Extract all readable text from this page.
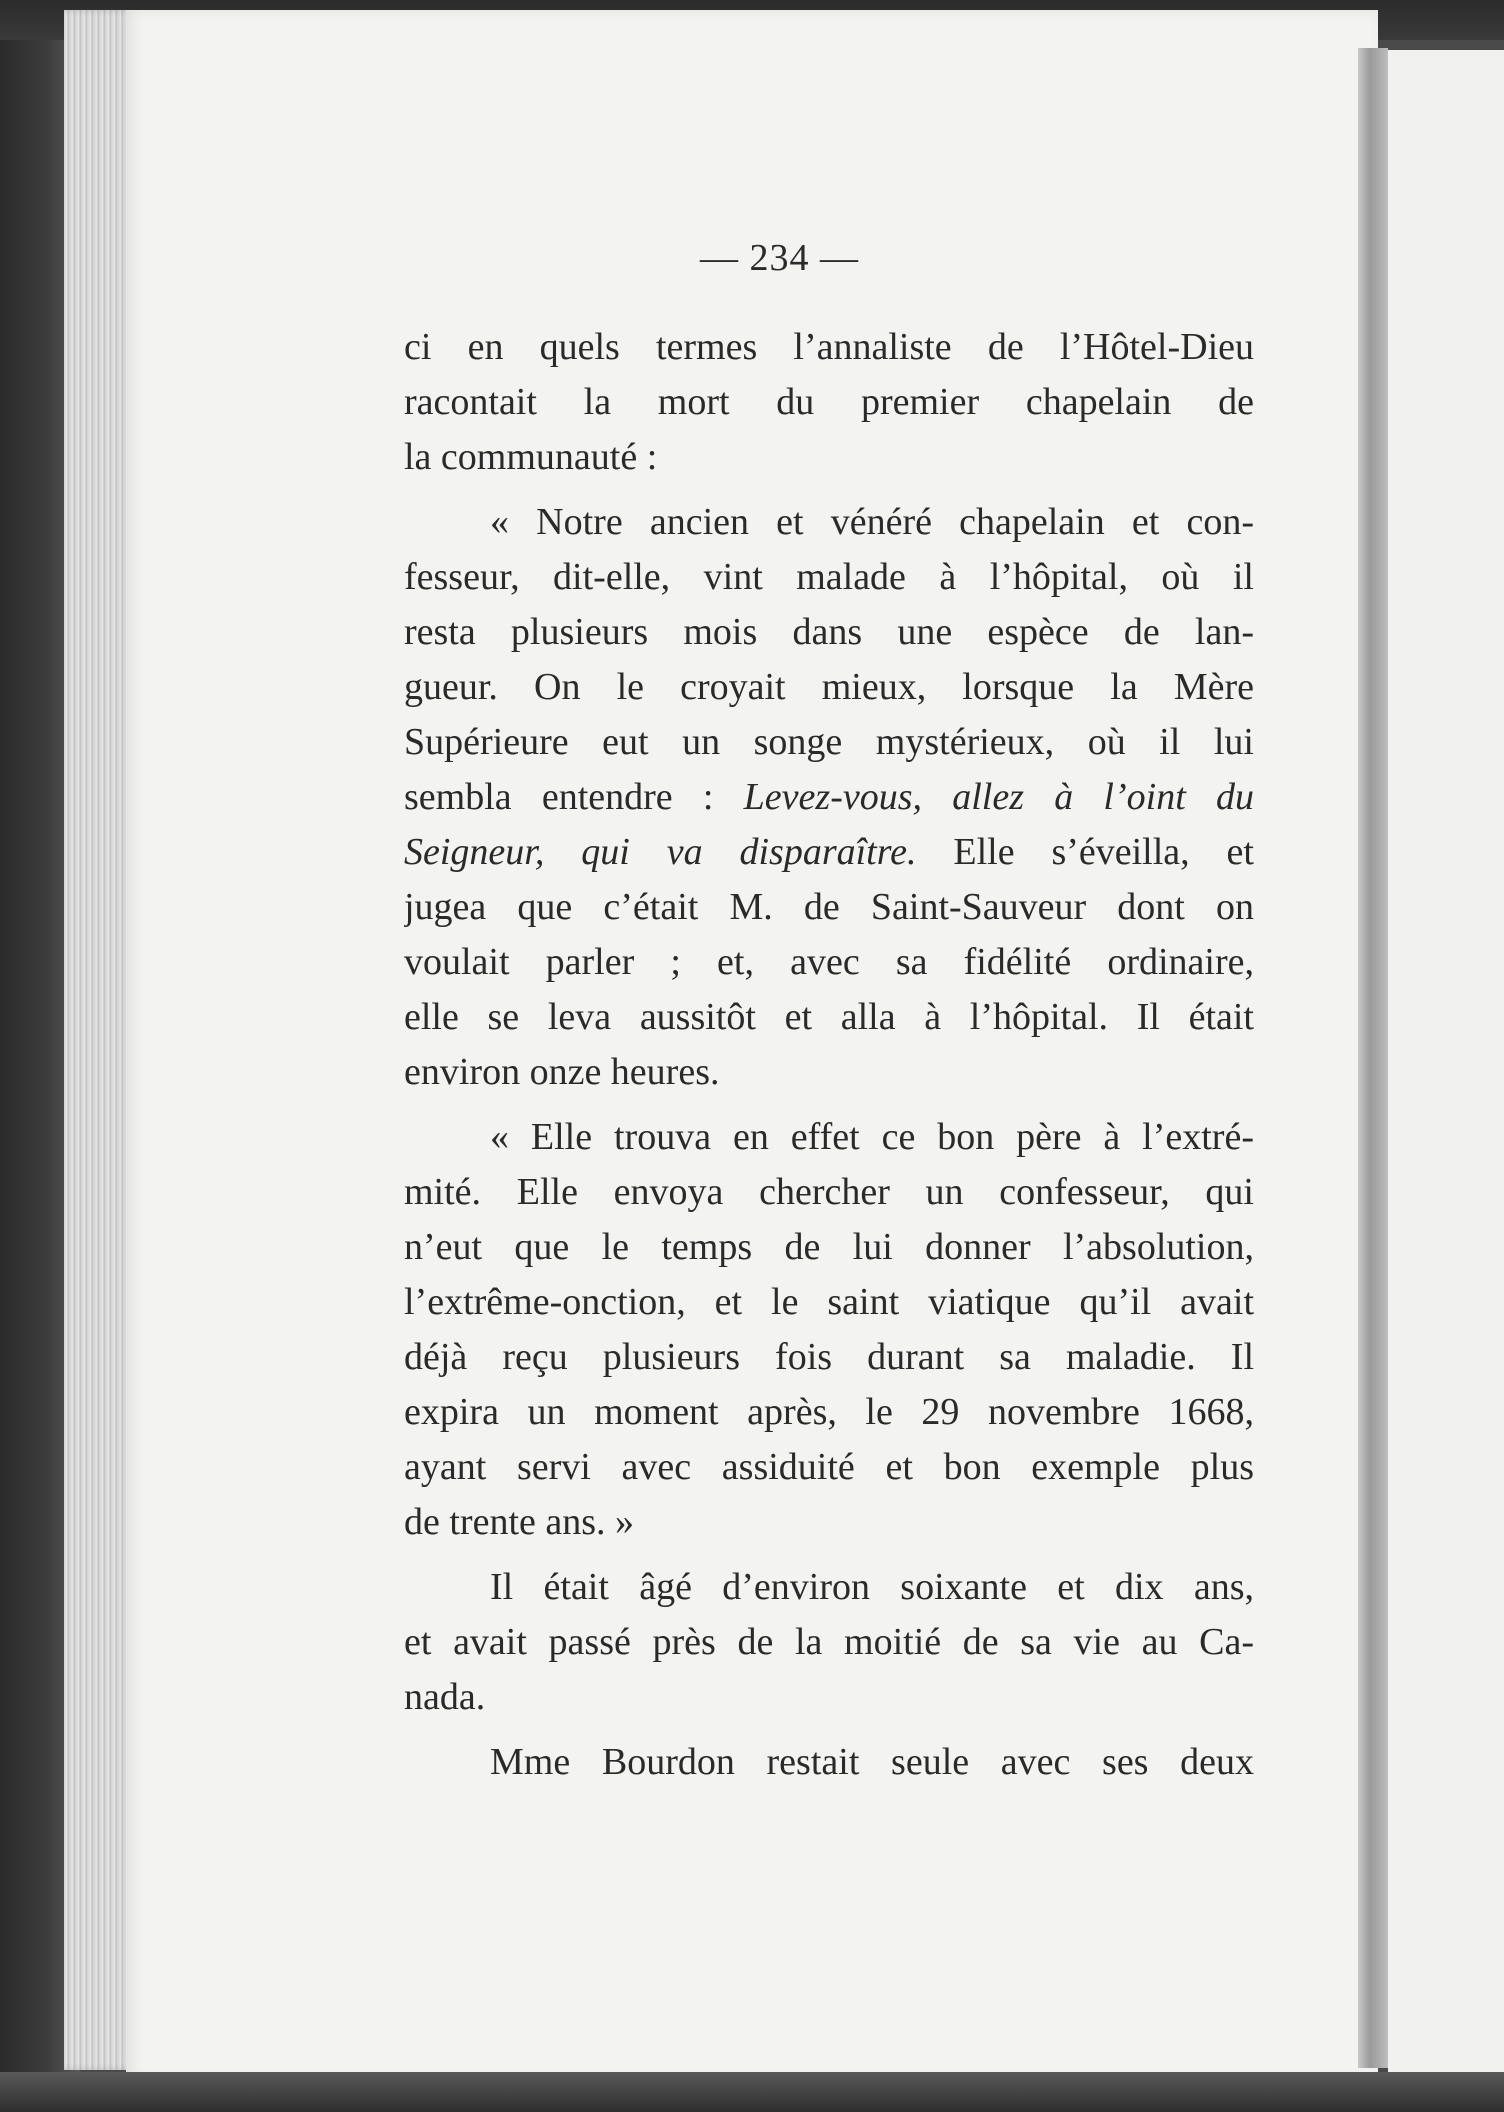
— 234 —

ci en quels termes l’annaliste de l’Hôtel-Dieu
racontait la mort du premier chapelain de
la communauté :

« Notre ancien et vénéré chapelain et con-
fesseur, dit-elle, vint malade à l’hôpital, où il
resta plusieurs mois dans une espèce de lan-
gueur. On le croyait mieux, lorsque la Mère
Supérieure eut un songe mystérieux, où il lui
sembla entendre : Levez-vous, allez à l’oint du
Seigneur, qui va disparaître. Elle s’éveilla, et
jugea que c’était M. de Saint-Sauveur dont on
voulait parler ; et, avec sa fidélité ordinaire,
elle se leva aussitôt et alla à l’hôpital. Il était
environ onze heures.

« Elle trouva en effet ce bon père à l’extré-
mité. Elle envoya chercher un confesseur, qui
n’eut que le temps de lui donner l’absolution,
l’extrême-onction, et le saint viatique qu’il avait
déjà reçu plusieurs fois durant sa maladie. Il
expira un moment après, le 29 novembre 1668,
ayant servi avec assiduité et bon exemple plus
de trente ans. »

Il était âgé d’environ soixante et dix ans,
et avait passé près de la moitié de sa vie au Ca-
nada.

Mme Bourdon restait seule avec ses deux
